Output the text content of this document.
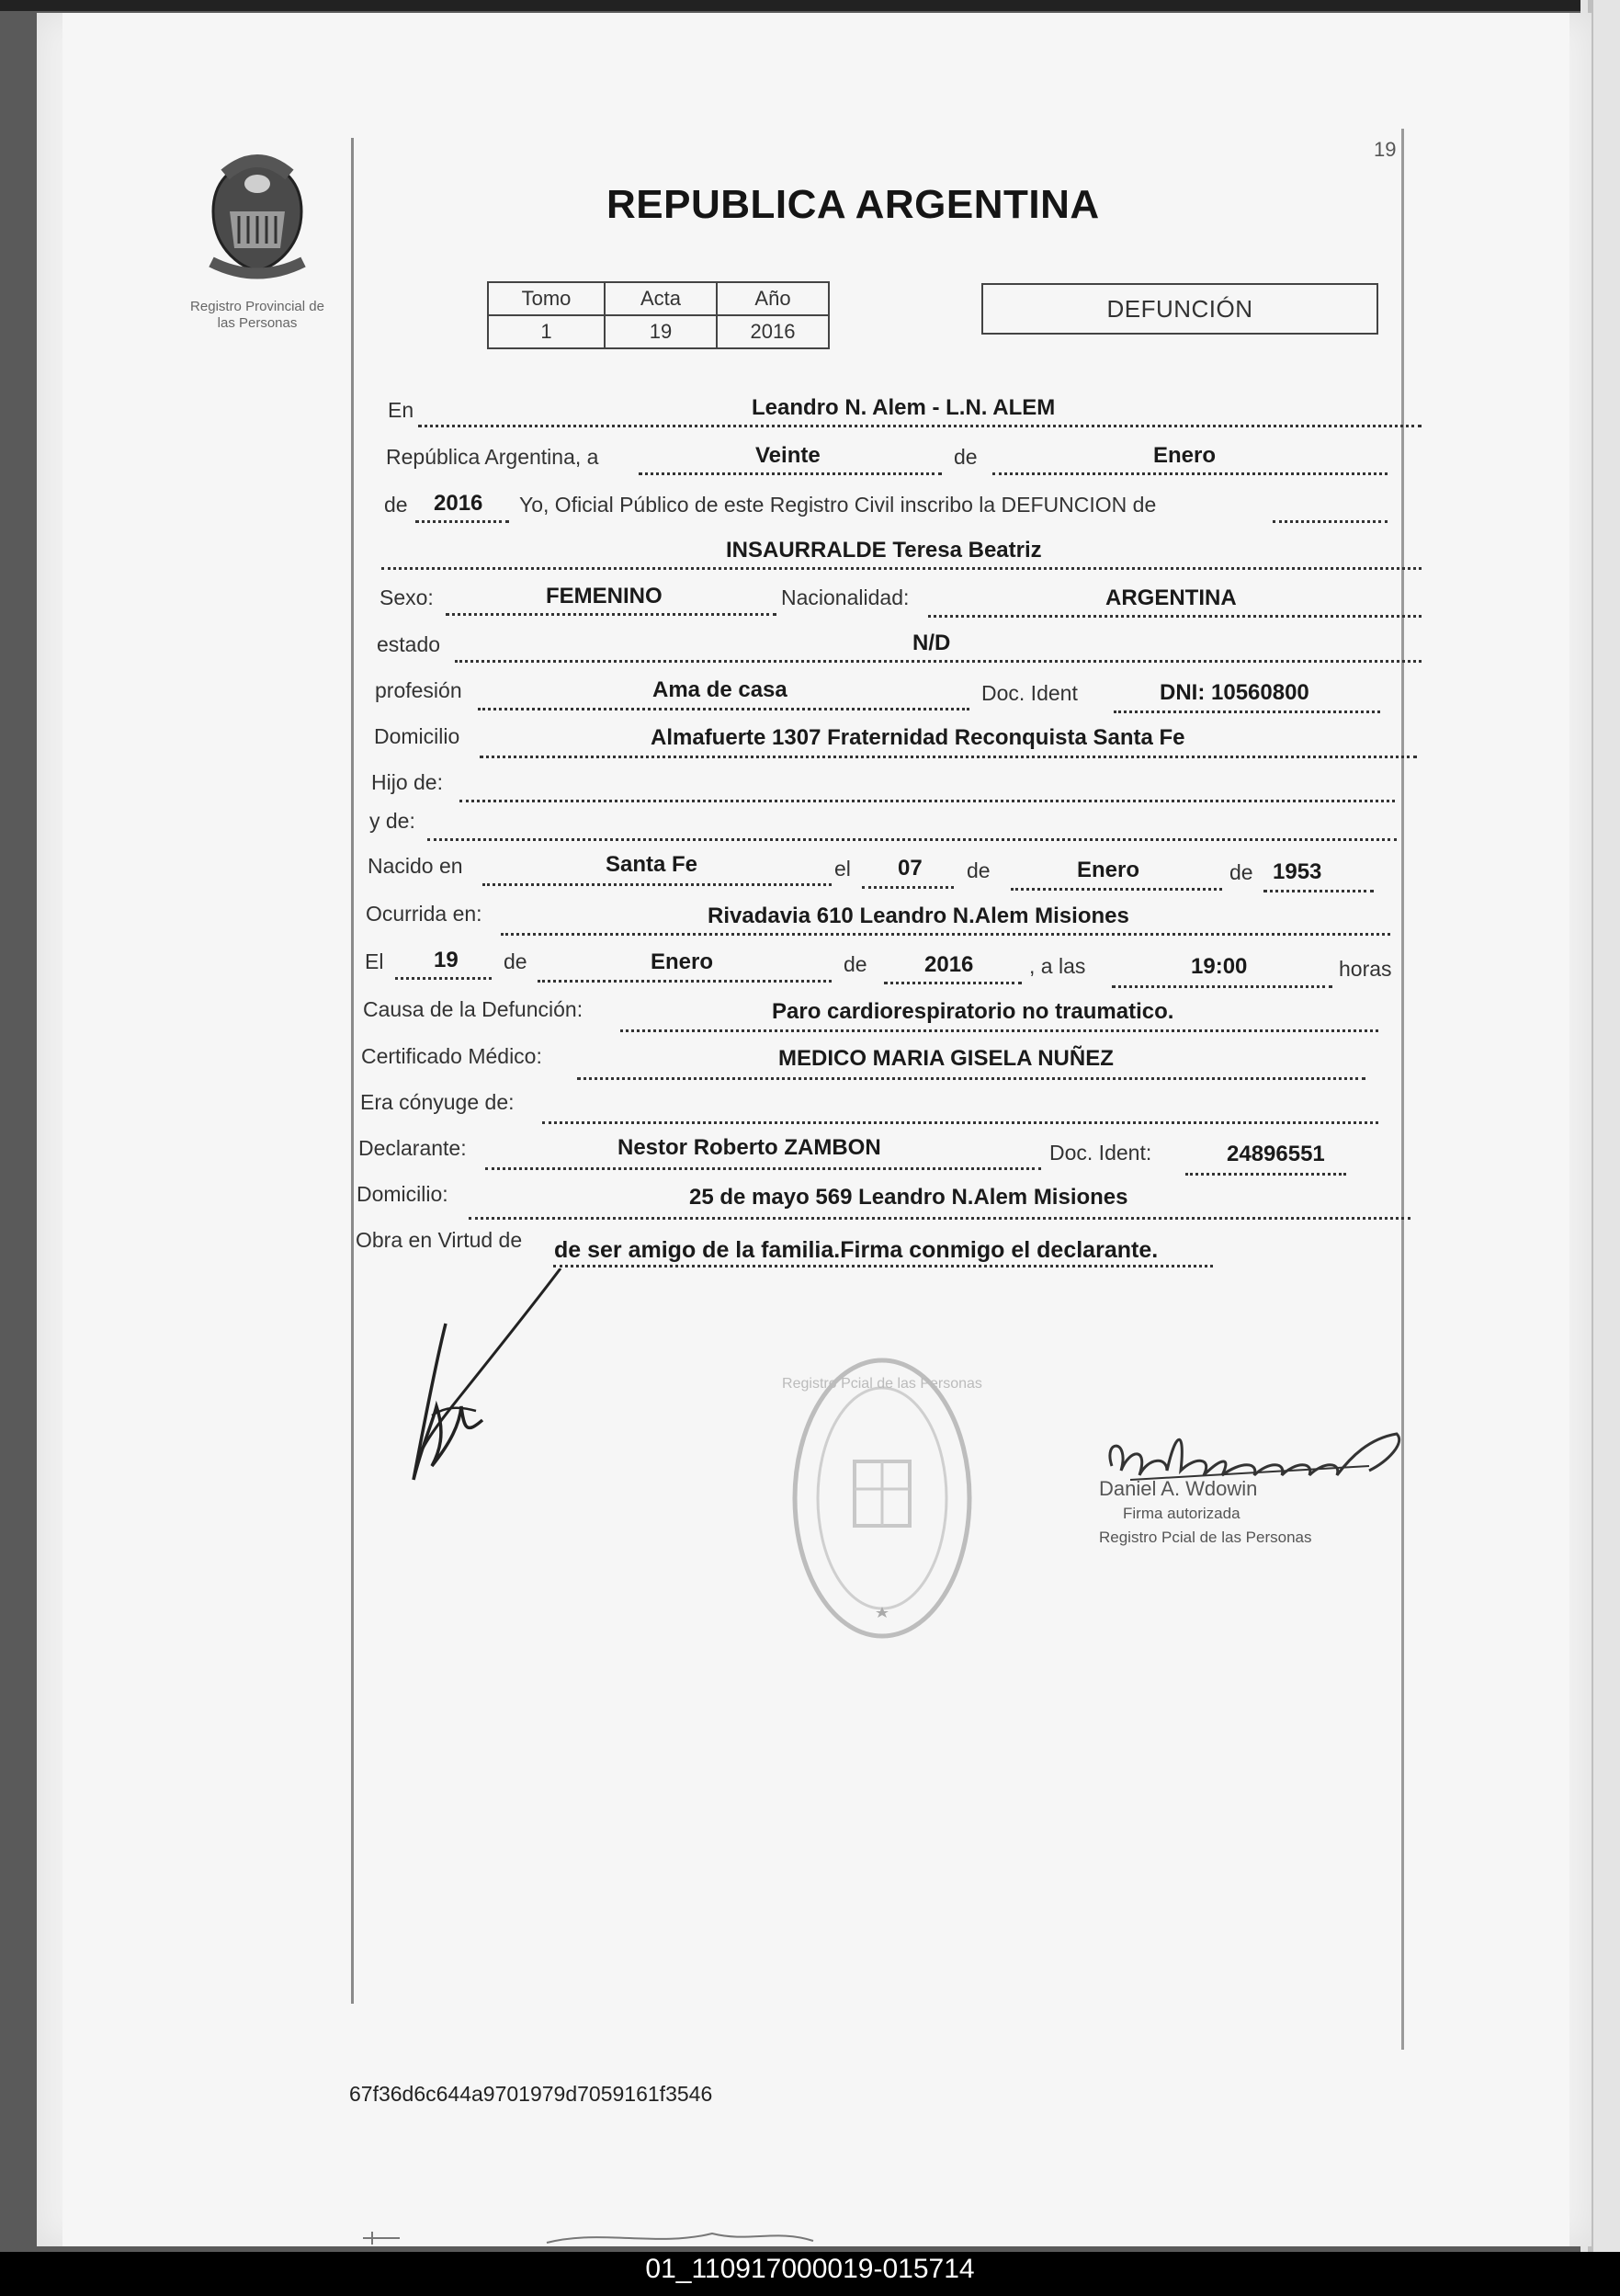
19
Registro Provincial de
las Personas
REPUBLICA ARGENTINA
Tomo	Acta	Año
1	19	2016
DEFUNCIÓN
En	Leandro N. Alem - L.N. ALEM
República Argentina, a	Veinte	de	Enero
de 2016 Yo, Oficial Público de este Registro Civil inscribo la DEFUNCION de
INSAURRALDE Teresa Beatriz
Sexo:	FEMENINO	Nacionalidad:	ARGENTINA
estado	N/D
profesión	Ama de casa	Doc. Ident	DNI: 10560800
Domicilio	Almafuerte 1307 Fraternidad Reconquista Santa Fe
Hijo de:
y de:
Nacido en	Santa Fe	el 07 de	Enero	de 1953
Ocurrida en:	Rivadavia 610 Leandro N.Alem Misiones
El 19 de	Enero	de	2016	, a las	19:00	horas
Causa de la Defunción:	Paro cardiorespiratorio no traumatico.
Certificado Médico:	MEDICO MARIA GISELA NUÑEZ
Era cónyuge de:
Declarante:	Nestor Roberto ZAMBON	Doc. Ident:	24896551
Domicilio:	25 de mayo 569 Leandro N.Alem Misiones
Obra en Virtud de de ser amigo de la familia.Firma conmigo el declarante.
Registro Pcial de las Personas
Daniel A. Wdowin
Firma autorizada
Registro Pcial de las Personas
67f36d6c644a9701979d7059161f3546
01_110917000019-015714
